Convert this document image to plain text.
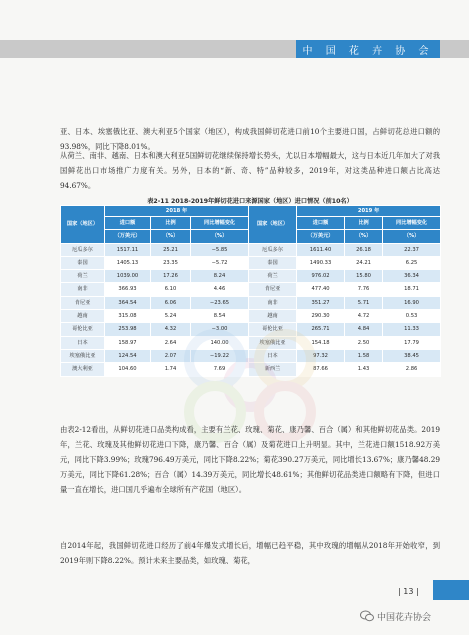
中 国 花 卉 协 会

亚、日本、埃塞俄比亚、澳大利亚5个国家（地区），构成我国鲜切花进口前10个主要进口国，占鲜切花总进口额的93.98%，同比下降8.01%。

从荷兰、南非、越南、日本和澳大利亚5国鲜切花继续保持增长势头，尤以日本增幅最大，这与日本近几年加大了对我国鲜花出口市场推广力度有关。另外，日本的“新、奇、特”品种较多，2019年，对这类品种进口额占比高达94.67%。

表2-11 2018-2019年鲜切花进口来源国家（地区）进口情况（前10名）

国家（地区）	2018 年			国家（地区）	2019 年		
	进口额	比例	同比增幅变化		进口额	比例	同比增幅变化
	（万美元）	（%）	（%）		（万美元）	（%）	（%）
厄瓜多尔	1517.11	25.21	−5.85	厄瓜多尔	1611.40	26.18	22.37
泰国	1405.13	23.35	−5.72	泰国	1490.33	24.21	6.25
荷兰	1039.00	17.26	8.24	荷兰	976.02	15.80	36.34
南非	366.93	6.10	4.46	肯尼亚	477.40	7.76	18.71
肯尼亚	364.54	6.06	−23.65	南非	351.27	5.71	16.90
越南	315.08	5.24	8.54	越南	290.30	4.72	0.53
哥伦比亚	253.98	4.32	−3.00	哥伦比亚	265.71	4.84	11.33
日本	158.97	2.64	140.00	埃塞俄比亚	154.18	2.50	17.79
埃塞俄比亚	124.54	2.07	−19.22	日本	97.32	1.58	38.45
澳大利亚	104.60	1.74	7.69	新西兰	87.66	1.43	2.86

由表2-12看出，从鲜切花进口品类构成看，主要有兰花、玫瑰、菊花、康乃馨、百合（属）和其他鲜切花品类。2019年，兰花、玫瑰及其他鲜切花进口下降，康乃馨、百合（属）及菊花进口上升明显。其中，兰花进口额1518.92万美元，同比下降3.99%；玫瑰796.49万美元，同比下降8.22%；菊花390.27万美元，同比增长13.67%；康乃馨48.29万美元，同比下降61.28%；百合（属）14.39万美元，同比增长48.61%；其他鲜切花品类进口额略有下降，但进口量一直在增长，进口国几乎遍布全球所有产花国（地区）。

自2014年起，我国鲜切花进口经历了前4年爆发式增长后，增幅已趋平稳，其中玫瑰的增幅从2018年开始收窄，到2019年则下降8.22%。预计未来主要品类，如玫瑰、菊花，

| 13 |
中国花卉协会
